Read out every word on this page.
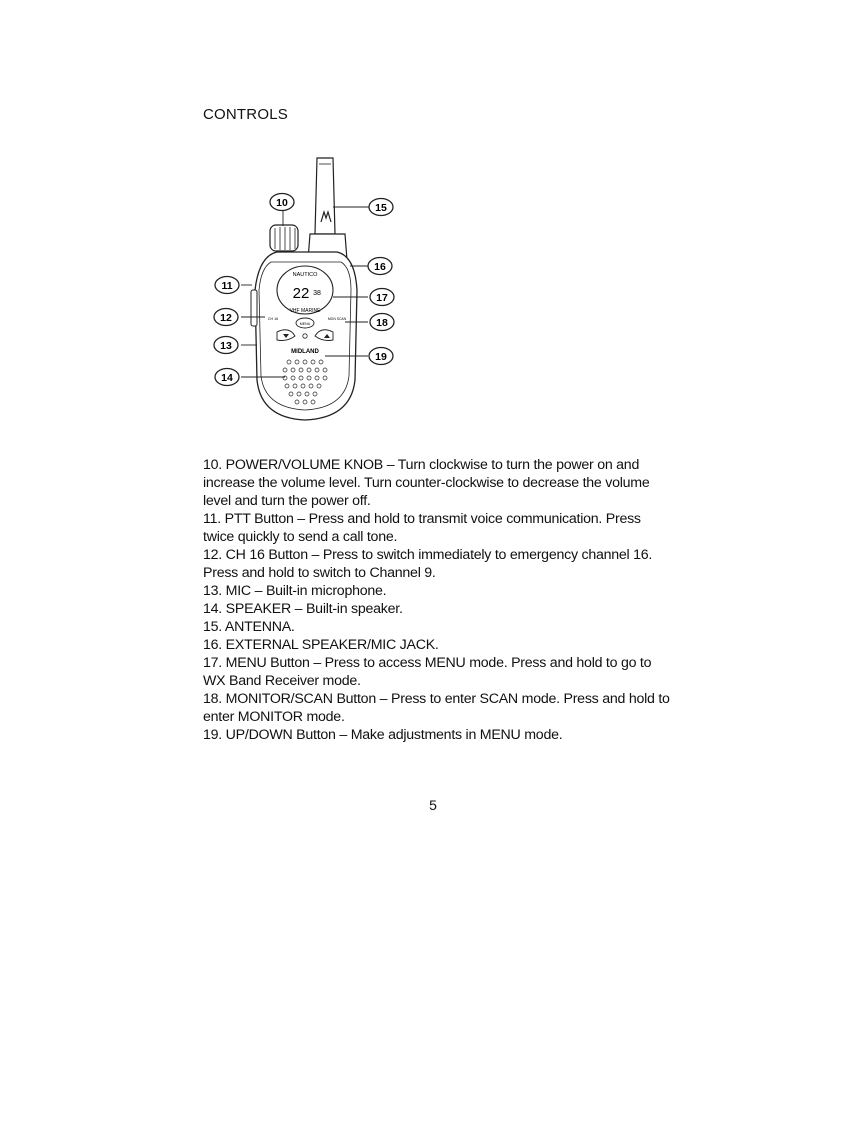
CONTROLS
NAUTICO
22 38
VHF MARINE
MENU
CH 16	MON SCAN
MIDLAND
10	15
16
11
17
12	18
13
19
14

10. POWER/VOLUME KNOB – Turn clockwise to turn the power on and increase the volume level. Turn counter-clockwise to decrease the volume level and turn the power off.

11. PTT Button – Press and hold to transmit voice communication. Press twice quickly to send a call tone.

12. CH 16 Button – Press to switch immediately to emergency channel 16. Press and hold to switch to Channel 9.

13. MIC – Built-in microphone.

14. SPEAKER – Built-in speaker.

15. ANTENNA.

16. EXTERNAL SPEAKER/MIC JACK.

17. MENU Button – Press to access MENU mode. Press and hold to go to WX Band Receiver mode.

18. MONITOR/SCAN Button – Press to enter SCAN mode. Press and hold to enter MONITOR mode.

19. UP/DOWN Button – Make adjustments in MENU mode.

5
